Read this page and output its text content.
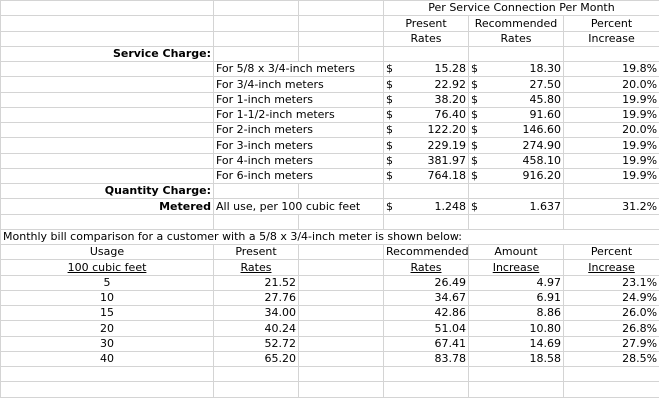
			Per Service Connection Per Month		
			Present	Recommended	Percent
			Rates	Rates	Increase
Service Charge:					
	For 5/8 x 3/4-inch meters		$ 15.28	$ 18.30	19.8%
	For 3/4-inch meters		$ 22.92	$ 27.50	20.0%
	For 1-inch meters		$ 38.20	$ 45.80	19.9%
	For 1-1/2-inch meters		$ 76.40	$ 91.60	19.9%
	For 2-inch meters		$ 122.20	$ 146.60	20.0%
	For 3-inch meters		$ 229.19	$ 274.90	19.9%
	For 4-inch meters		$ 381.97	$ 458.10	19.9%
	For 6-inch meters		$ 764.18	$ 916.20	19.9%
Quantity Charge:					
Metered	All use, per 100 cubic feet		$ 1.248	$ 1.637	31.2%

Monthly bill comparison for a customer with a 5/8 x 3/4-inch meter is shown below:					
Usage	Present		Recommended	Amount	Percent
100 cubic feet	Rates		Rates	Increase	Increase
5	21.52		26.49	4.97	23.1%
10	27.76		34.67	6.91	24.9%
15	34.00		42.86	8.86	26.0%
20	40.24		51.04	10.80	26.8%
30	52.72		67.41	14.69	27.9%
40	65.20		83.78	18.58	28.5%
